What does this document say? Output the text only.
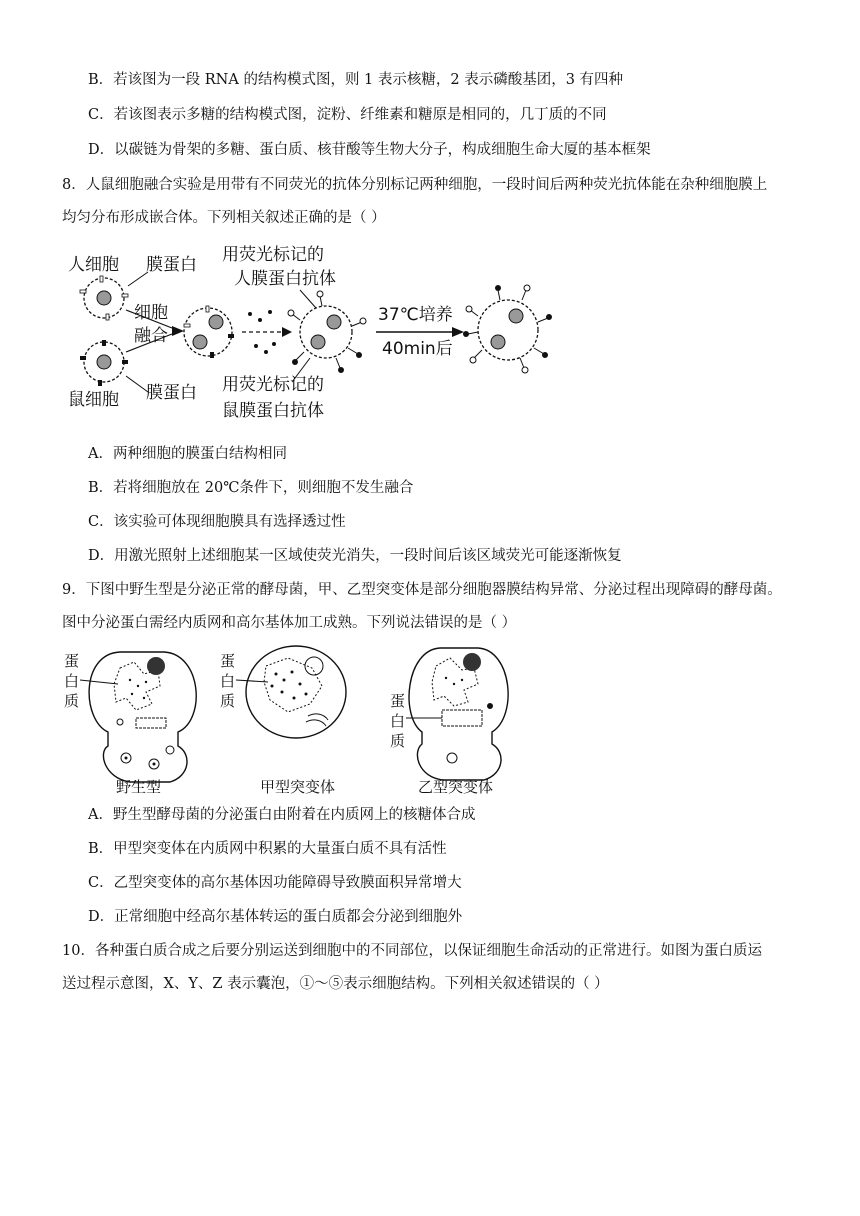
B．若该图为一段 RNA 的结构模式图，则 1 表示核糖，2 表示磷酸基团，3 有四种
C．若该图表示多糖的结构模式图，淀粉、纤维素和糖原是相同的，几丁质的不同
D．以碳链为骨架的多糖、蛋白质、核苷酸等生物大分子，构成细胞生命大厦的基本框架
8．人鼠细胞融合实验是用带有不同荧光的抗体分别标记两种细胞，一段时间后两种荧光抗体能在杂种细胞膜上
均匀分布形成嵌合体。下列相关叙述正确的是（ ）
人细胞 膜蛋白
细胞
融合
用荧光标记的
人膜蛋白抗体
37℃培养
40min后
鼠细胞 膜蛋白 用荧光标记的
鼠膜蛋白抗体
A．两种细胞的膜蛋白结构相同
B．若将细胞放在 20℃条件下，则细胞不发生融合
C．该实验可体现细胞膜具有选择透过性
D．用激光照射上述细胞某一区域使荧光消失，一段时间后该区域荧光可能逐渐恢复
9．下图中野生型是分泌正常的酵母菌，甲、乙型突变体是部分细胞器膜结构异常、分泌过程出现障碍的酵母菌。
图中分泌蛋白需经内质网和高尔基体加工成熟。下列说法错误的是（ ）
蛋
白
质
野生型
蛋
白
质
甲型突变体
蛋
白
质
乙型突变体
A．野生型酵母菌的分泌蛋白由附着在内质网上的核糖体合成
B．甲型突变体在内质网中积累的大量蛋白质不具有活性
C．乙型突变体的高尔基体因功能障碍导致膜面积异常增大
D．正常细胞中经高尔基体转运的蛋白质都会分泌到细胞外
10．各种蛋白质合成之后要分别运送到细胞中的不同部位，以保证细胞生命活动的正常进行。如图为蛋白质运
送过程示意图，X、Y、Z 表示囊泡，①～⑤表示细胞结构。下列相关叙述错误的（ ）
